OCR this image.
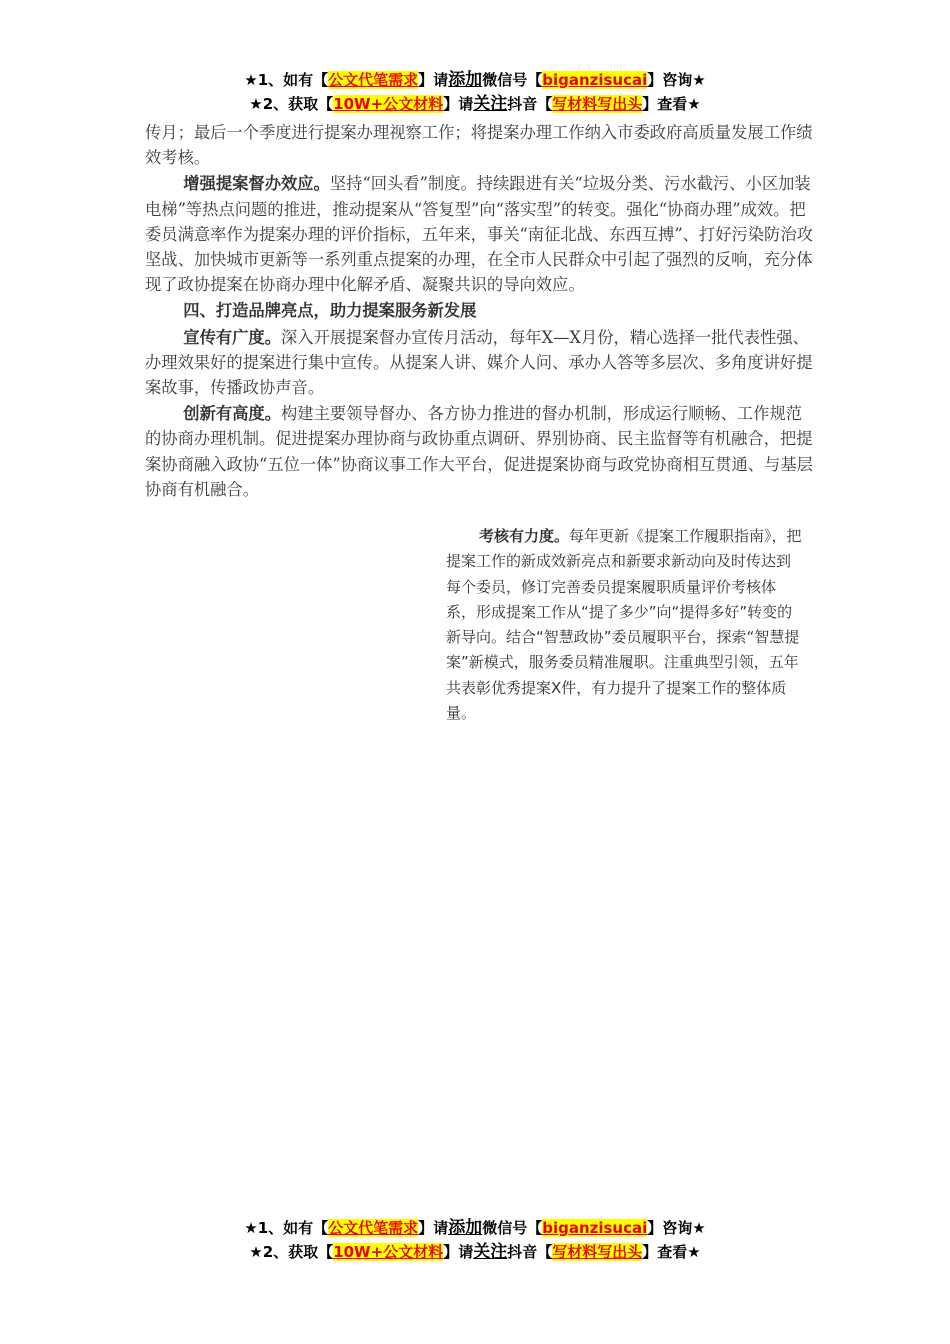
★1、如有【公文代笔需求】请添加微信号【biganzisucai】咨询★
★2、获取【10W+公文材料】请关注抖音【写材料写出头】查看★

传月；最后一个季度进行提案办理视察工作；将提案办理工作纳入市委政府高质量发展工作绩效考核。

增强提案督办效应。坚持“回头看”制度。持续跟进有关“垃圾分类、污水截污、小区加装电梯”等热点问题的推进，推动提案从“答复型”向“落实型”的转变。强化“协商办理”成效。把委员满意率作为提案办理的评价指标，五年来，事关“南征北战、东西互搏”、打好污染防治攻坚战、加快城市更新等一系列重点提案的办理，在全市人民群众中引起了强烈的反响，充分体现了政协提案在协商办理中化解矛盾、凝聚共识的导向效应。

四、打造品牌亮点，助力提案服务新发展

宣传有广度。深入开展提案督办宣传月活动，每年X—X月份，精心选择一批代表性强、办理效果好的提案进行集中宣传。从提案人讲、媒介人问、承办人答等多层次、多角度讲好提案故事，传播政协声音。

创新有高度。构建主要领导督办、各方协力推进的督办机制，形成运行顺畅、工作规范的协商办理机制。促进提案办理协商与政协重点调研、界别协商、民主监督等有机融合，把提案协商融入政协“五位一体”协商议事工作大平台，促进提案协商与政党协商相互贯通、与基层协商有机融合。

考核有力度。每年更新《提案工作履职指南》，把提案工作的新成效新亮点和新要求新动向及时传达到每个委员，修订完善委员提案履职质量评价考核体系，形成提案工作从“提了多少”向“提得多好”转变的新导向。结合“智慧政协”委员履职平台，探索“智慧提案”新模式，服务委员精准履职。注重典型引领，五年共表彰优秀提案X件，有力提升了提案工作的整体质量。

★1、如有【公文代笔需求】请添加微信号【biganzisucai】咨询★
★2、获取【10W+公文材料】请关注抖音【写材料写出头】查看★
